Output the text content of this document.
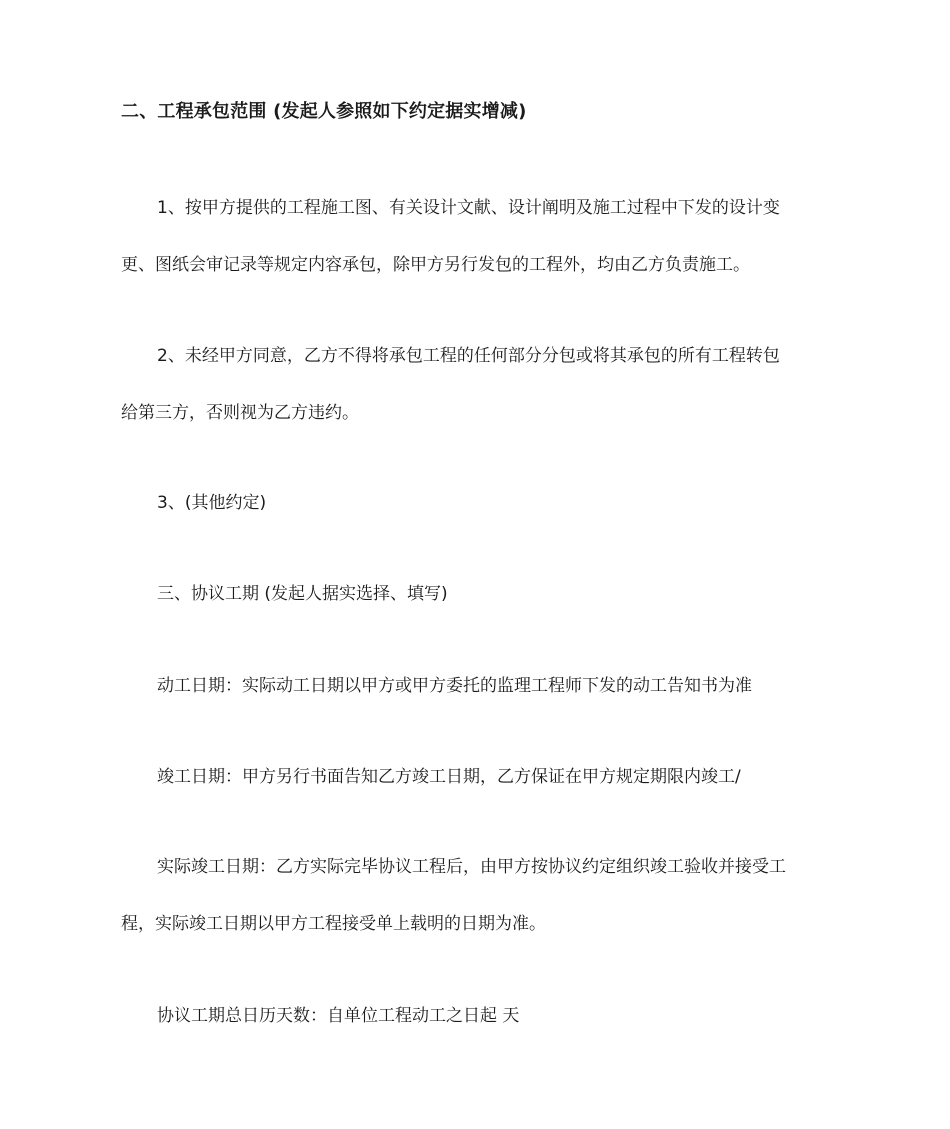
二、工程承包范围 (发起人参照如下约定据实增减)
1、按甲方提供的工程施工图、有关设计文献、设计阐明及施工过程中下发的设计变
更、图纸会审记录等规定内容承包，除甲方另行发包的工程外，均由乙方负责施工。
2、未经甲方同意，乙方不得将承包工程的任何部分分包或将其承包的所有工程转包
给第三方，否则视为乙方违约。
3、(其他约定)
三、协议工期 (发起人据实选择、填写)
动工日期：实际动工日期以甲方或甲方委托的监理工程师下发的动工告知书为准
竣工日期：甲方另行书面告知乙方竣工日期，乙方保证在甲方规定期限内竣工/
实际竣工日期：乙方实际完毕协议工程后，由甲方按协议约定组织竣工验收并接受工
程，实际竣工日期以甲方工程接受单上载明的日期为准。
协议工期总日历天数：自单位工程动工之日起 天
